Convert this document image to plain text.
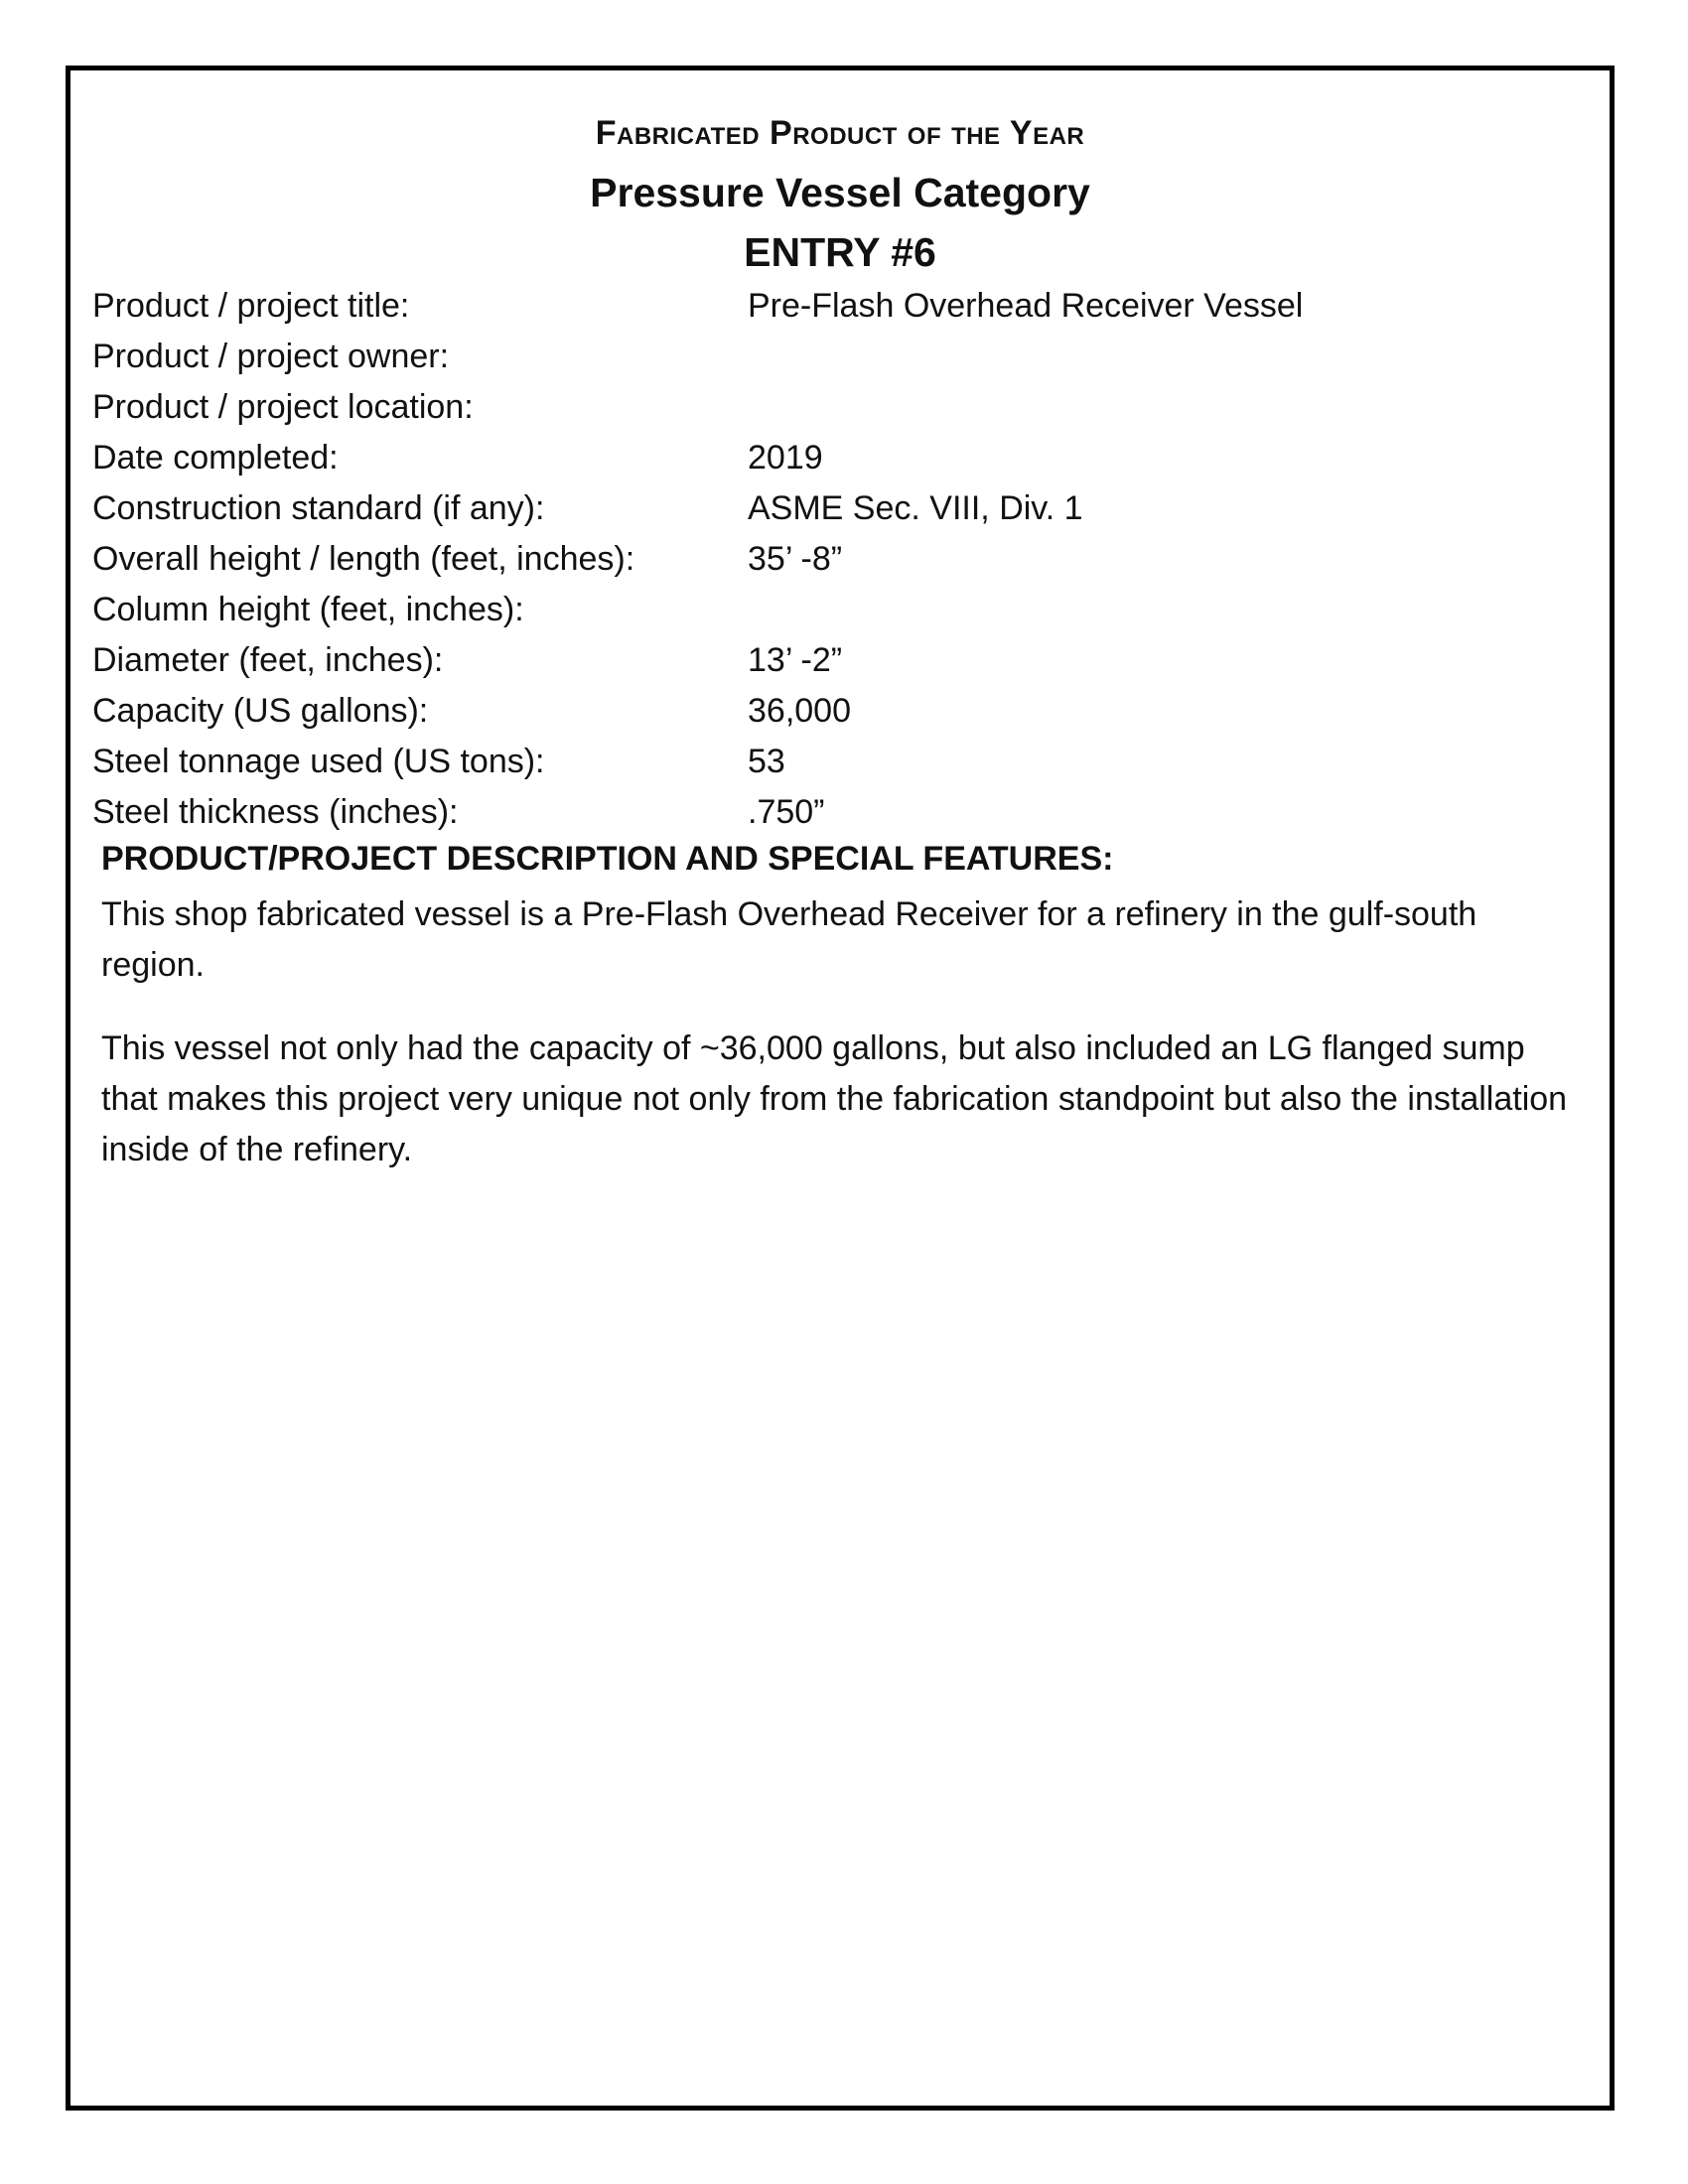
Fabricated Product of the Year
Pressure Vessel Category
ENTRY #6
Product / project title:	Pre-Flash Overhead Receiver Vessel
Product / project owner:
Product / project location:
Date completed:	2019
Construction standard (if any):	ASME Sec. VIII, Div. 1
Overall height / length (feet, inches):	35’ -8”
Column height (feet, inches):
Diameter (feet, inches):	13’ -2”
Capacity (US gallons):	36,000
Steel tonnage used (US tons):	53
Steel thickness (inches):	.750”
PRODUCT/PROJECT DESCRIPTION AND SPECIAL FEATURES:

This shop fabricated vessel is a Pre-Flash Overhead Receiver for a refinery in the gulf-south region.

This vessel not only had the capacity of ~36,000 gallons, but also included an LG flanged sump that makes this project very unique not only from the fabrication standpoint but also the installation inside of the refinery.
